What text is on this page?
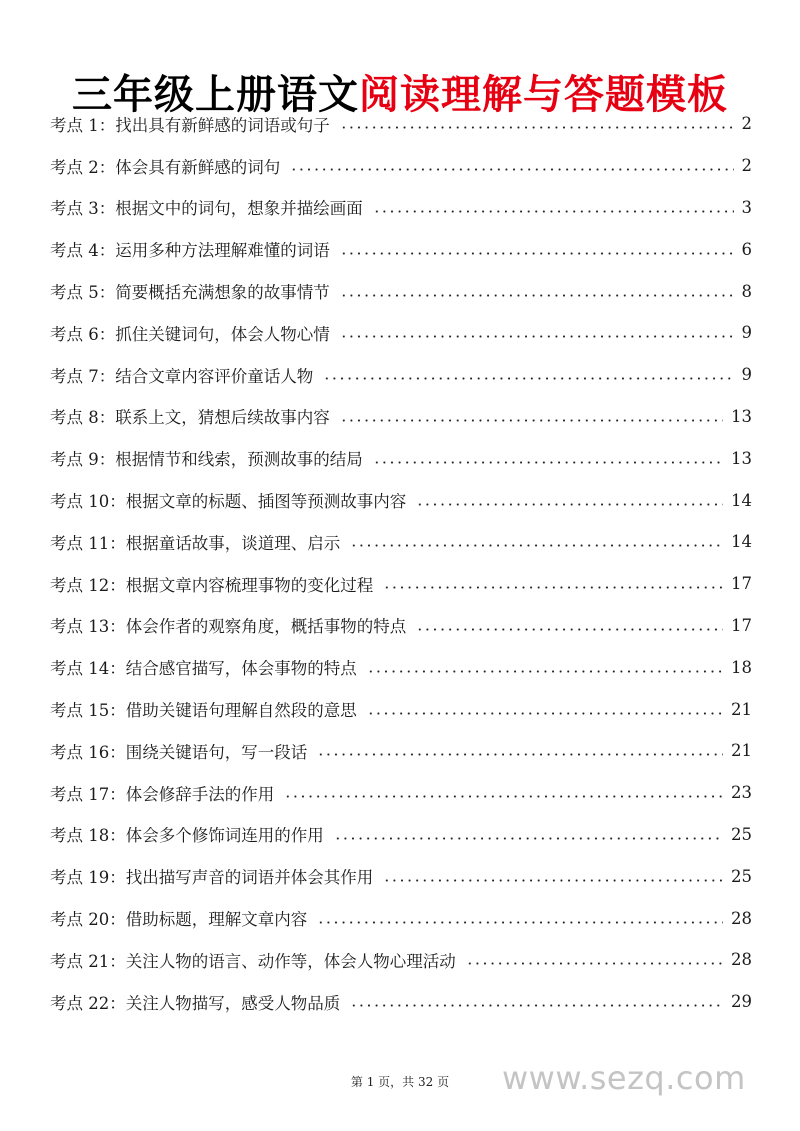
三年级上册语文阅读理解与答题模板
考点 1：找出具有新鲜感的词语或句子	2
考点 2：体会具有新鲜感的词句	2
考点 3：根据文中的词句，想象并描绘画面	3
考点 4：运用多种方法理解难懂的词语	6
考点 5：简要概括充满想象的故事情节	8
考点 6：抓住关键词句，体会人物心情	9
考点 7：结合文章内容评价童话人物	9
考点 8：联系上文，猜想后续故事内容	13
考点 9：根据情节和线索，预测故事的结局	13
考点 10：根据文章的标题、插图等预测故事内容	14
考点 11：根据童话故事，谈道理、启示	14
考点 12：根据文章内容梳理事物的变化过程	17
考点 13：体会作者的观察角度，概括事物的特点	17
考点 14：结合感官描写，体会事物的特点	18
考点 15：借助关键语句理解自然段的意思	21
考点 16：围绕关键语句，写一段话	21
考点 17：体会修辞手法的作用	23
考点 18：体会多个修饰词连用的作用	25
考点 19：找出描写声音的词语并体会其作用	25
考点 20：借助标题，理解文章内容	28
考点 21：关注人物的语言、动作等，体会人物心理活动	28
考点 22：关注人物描写，感受人物品质	29
第 1 页，共 32 页	www.sezq.com
